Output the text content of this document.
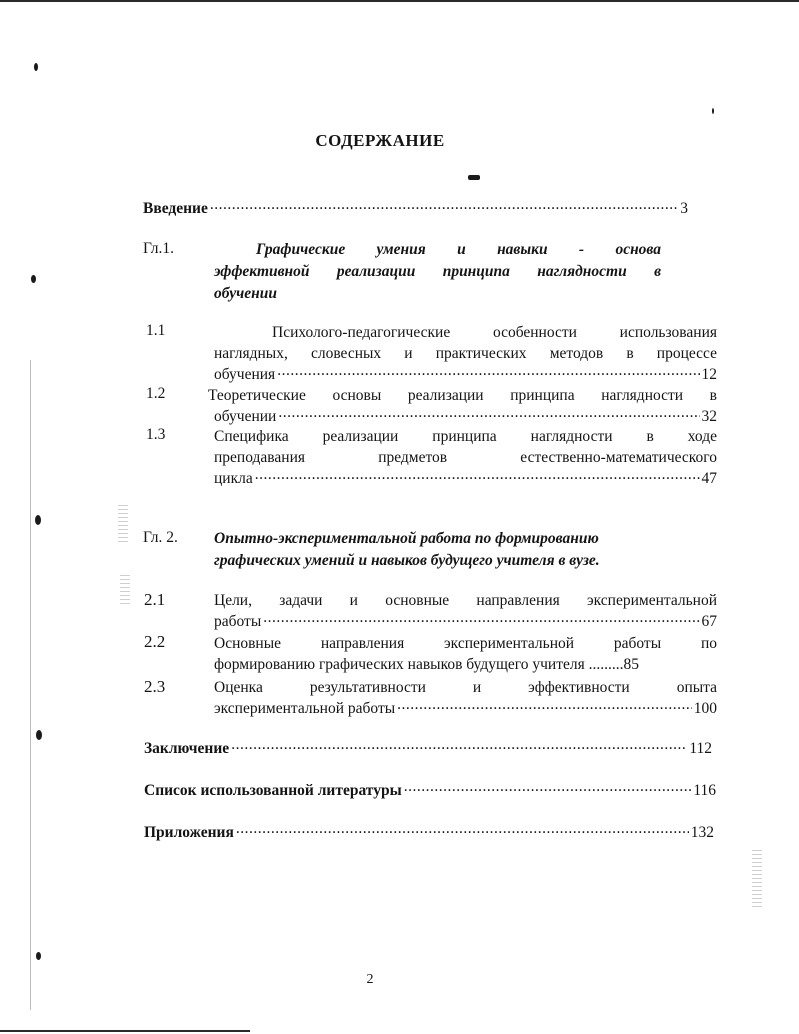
СОДЕРЖАНИЕ
Введение .....	3
Гл.1.	Графические умения и навыки - основа
эффективной реализации принципа наглядности в
обучении
1.1	Психолого-педагогические особенности использования
наглядных, словесных и практических методов в процессе
обучения .....	12
1.2	Теоретические основы реализации принципа наглядности в
обучении .....	32
1.3	Специфика реализации принципа наглядности в ходе
преподавания предметов естественно-математического
цикла .....	47
Гл. 2. Опытно-экспериментальной работа по формированию
графических умений и навыков будущего учителя в вузе.
2.1	Цели, задачи и основные направления экспериментальной
работы .....	67
2.2	Основные направления экспериментальной работы по
формированию графических навыков будущего учителя ......... 85
2.3	Оценка результативности и эффективности опыта
экспериментальной работы .....	100
Заключение .....	112
Список использованной литературы .....	116
Приложения .....	132
2
